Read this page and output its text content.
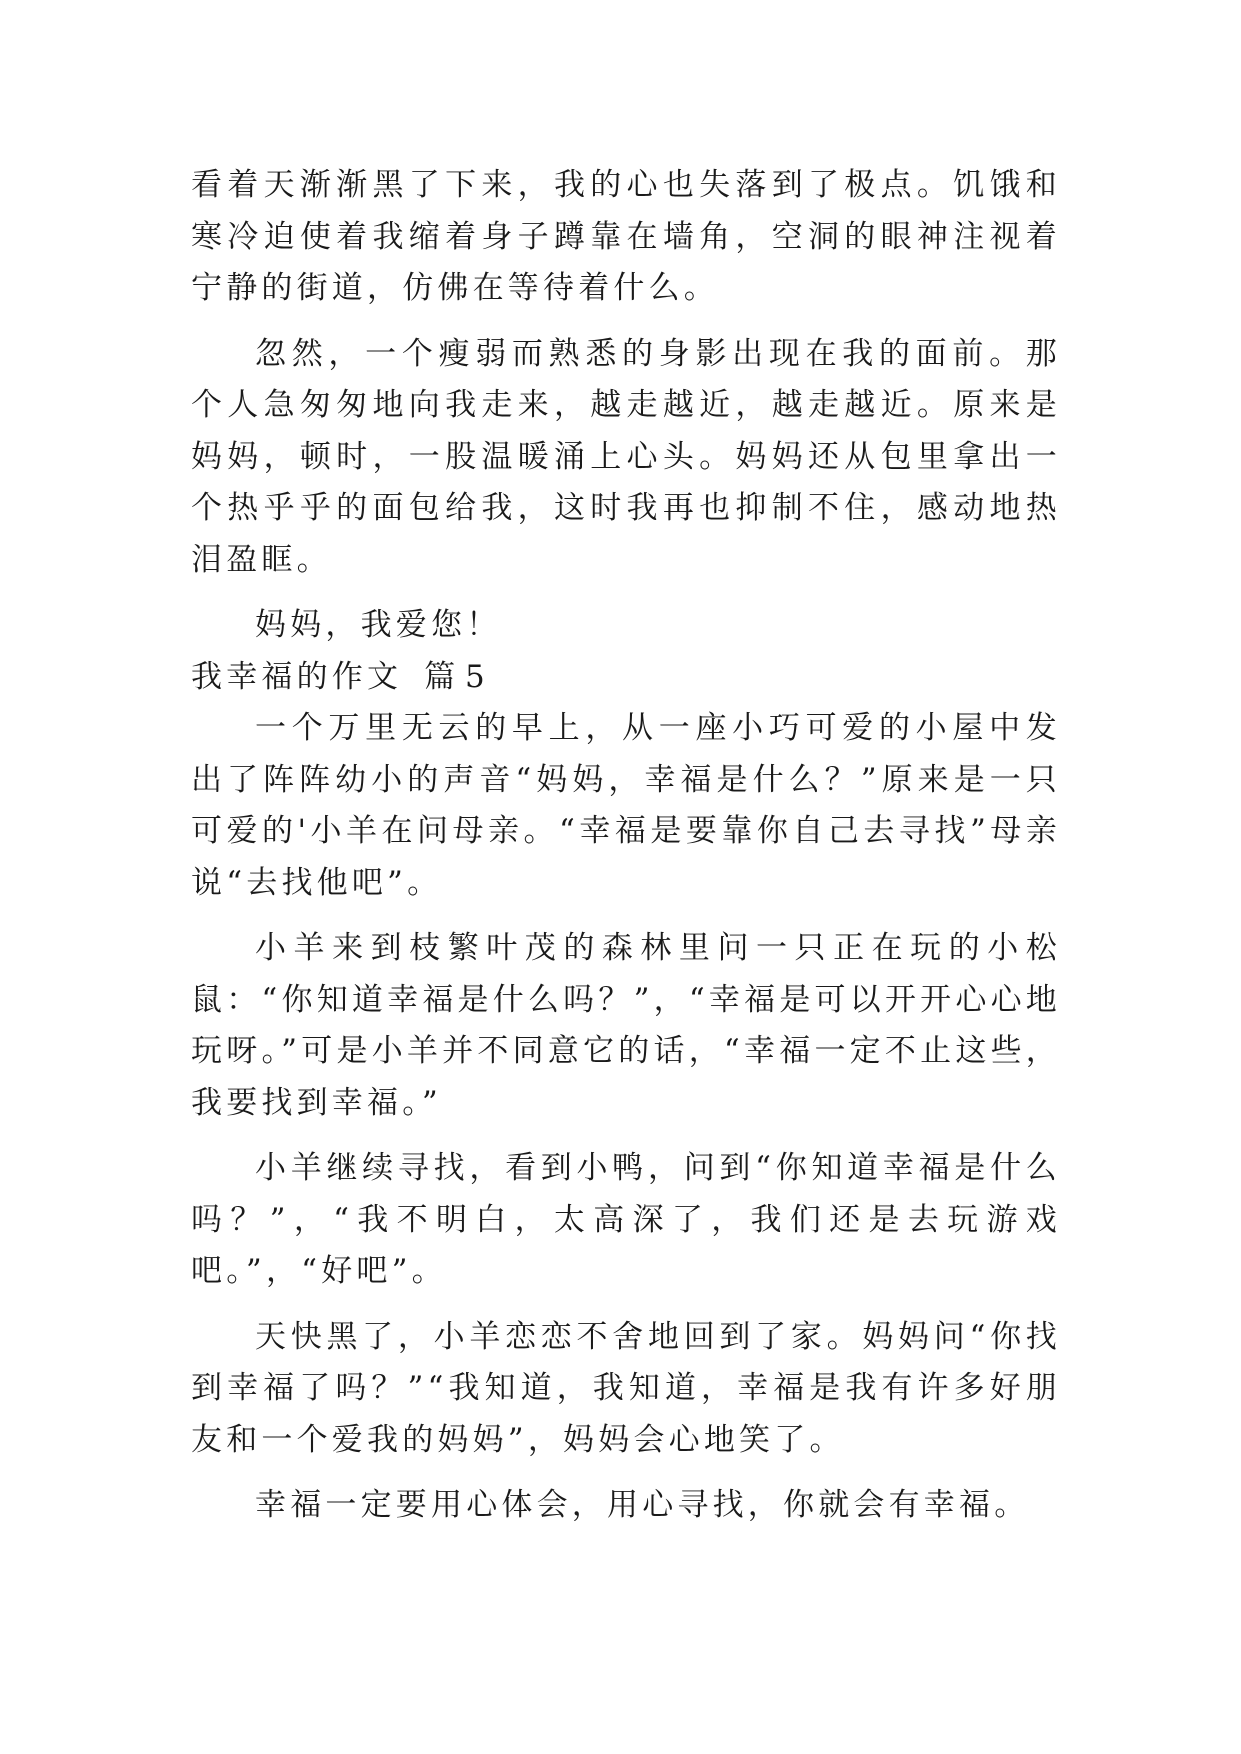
看着天渐渐黑了下来，我的心也失落到了极点。饥饿和寒冷迫使着我缩着身子蹲靠在墙角，空洞的眼神注视着宁静的街道，仿佛在等待着什么。

忽然，一个瘦弱而熟悉的身影出现在我的面前。那个人急匆匆地向我走来，越走越近，越走越近。原来是妈妈，顿时，一股温暖涌上心头。妈妈还从包里拿出一个热乎乎的面包给我，这时我再也抑制不住，感动地热泪盈眶。

妈妈，我爱您！

我幸福的作文 篇 5

一个万里无云的早上，从一座小巧可爱的小屋中发出了阵阵幼小的声音“妈妈，幸福是什么？”原来是一只可爱的'小羊在问母亲。“幸福是要靠你自己去寻找”母亲说“去找他吧”。

小羊来到枝繁叶茂的森林里问一只正在玩的小松鼠：“你知道幸福是什么吗？”，“幸福是可以开开心心地玩呀。”可是小羊并不同意它的话，“幸福一定不止这些，我要找到幸福。”

小羊继续寻找，看到小鸭，问到“你知道幸福是什么吗？”，“我不明白，太高深了，我们还是去玩游戏吧。”，“好吧”。

天快黑了，小羊恋恋不舍地回到了家。妈妈问“你找到幸福了吗？”“我知道，我知道，幸福是我有许多好朋友和一个爱我的妈妈”，妈妈会心地笑了。

幸福一定要用心体会，用心寻找，你就会有幸福。
